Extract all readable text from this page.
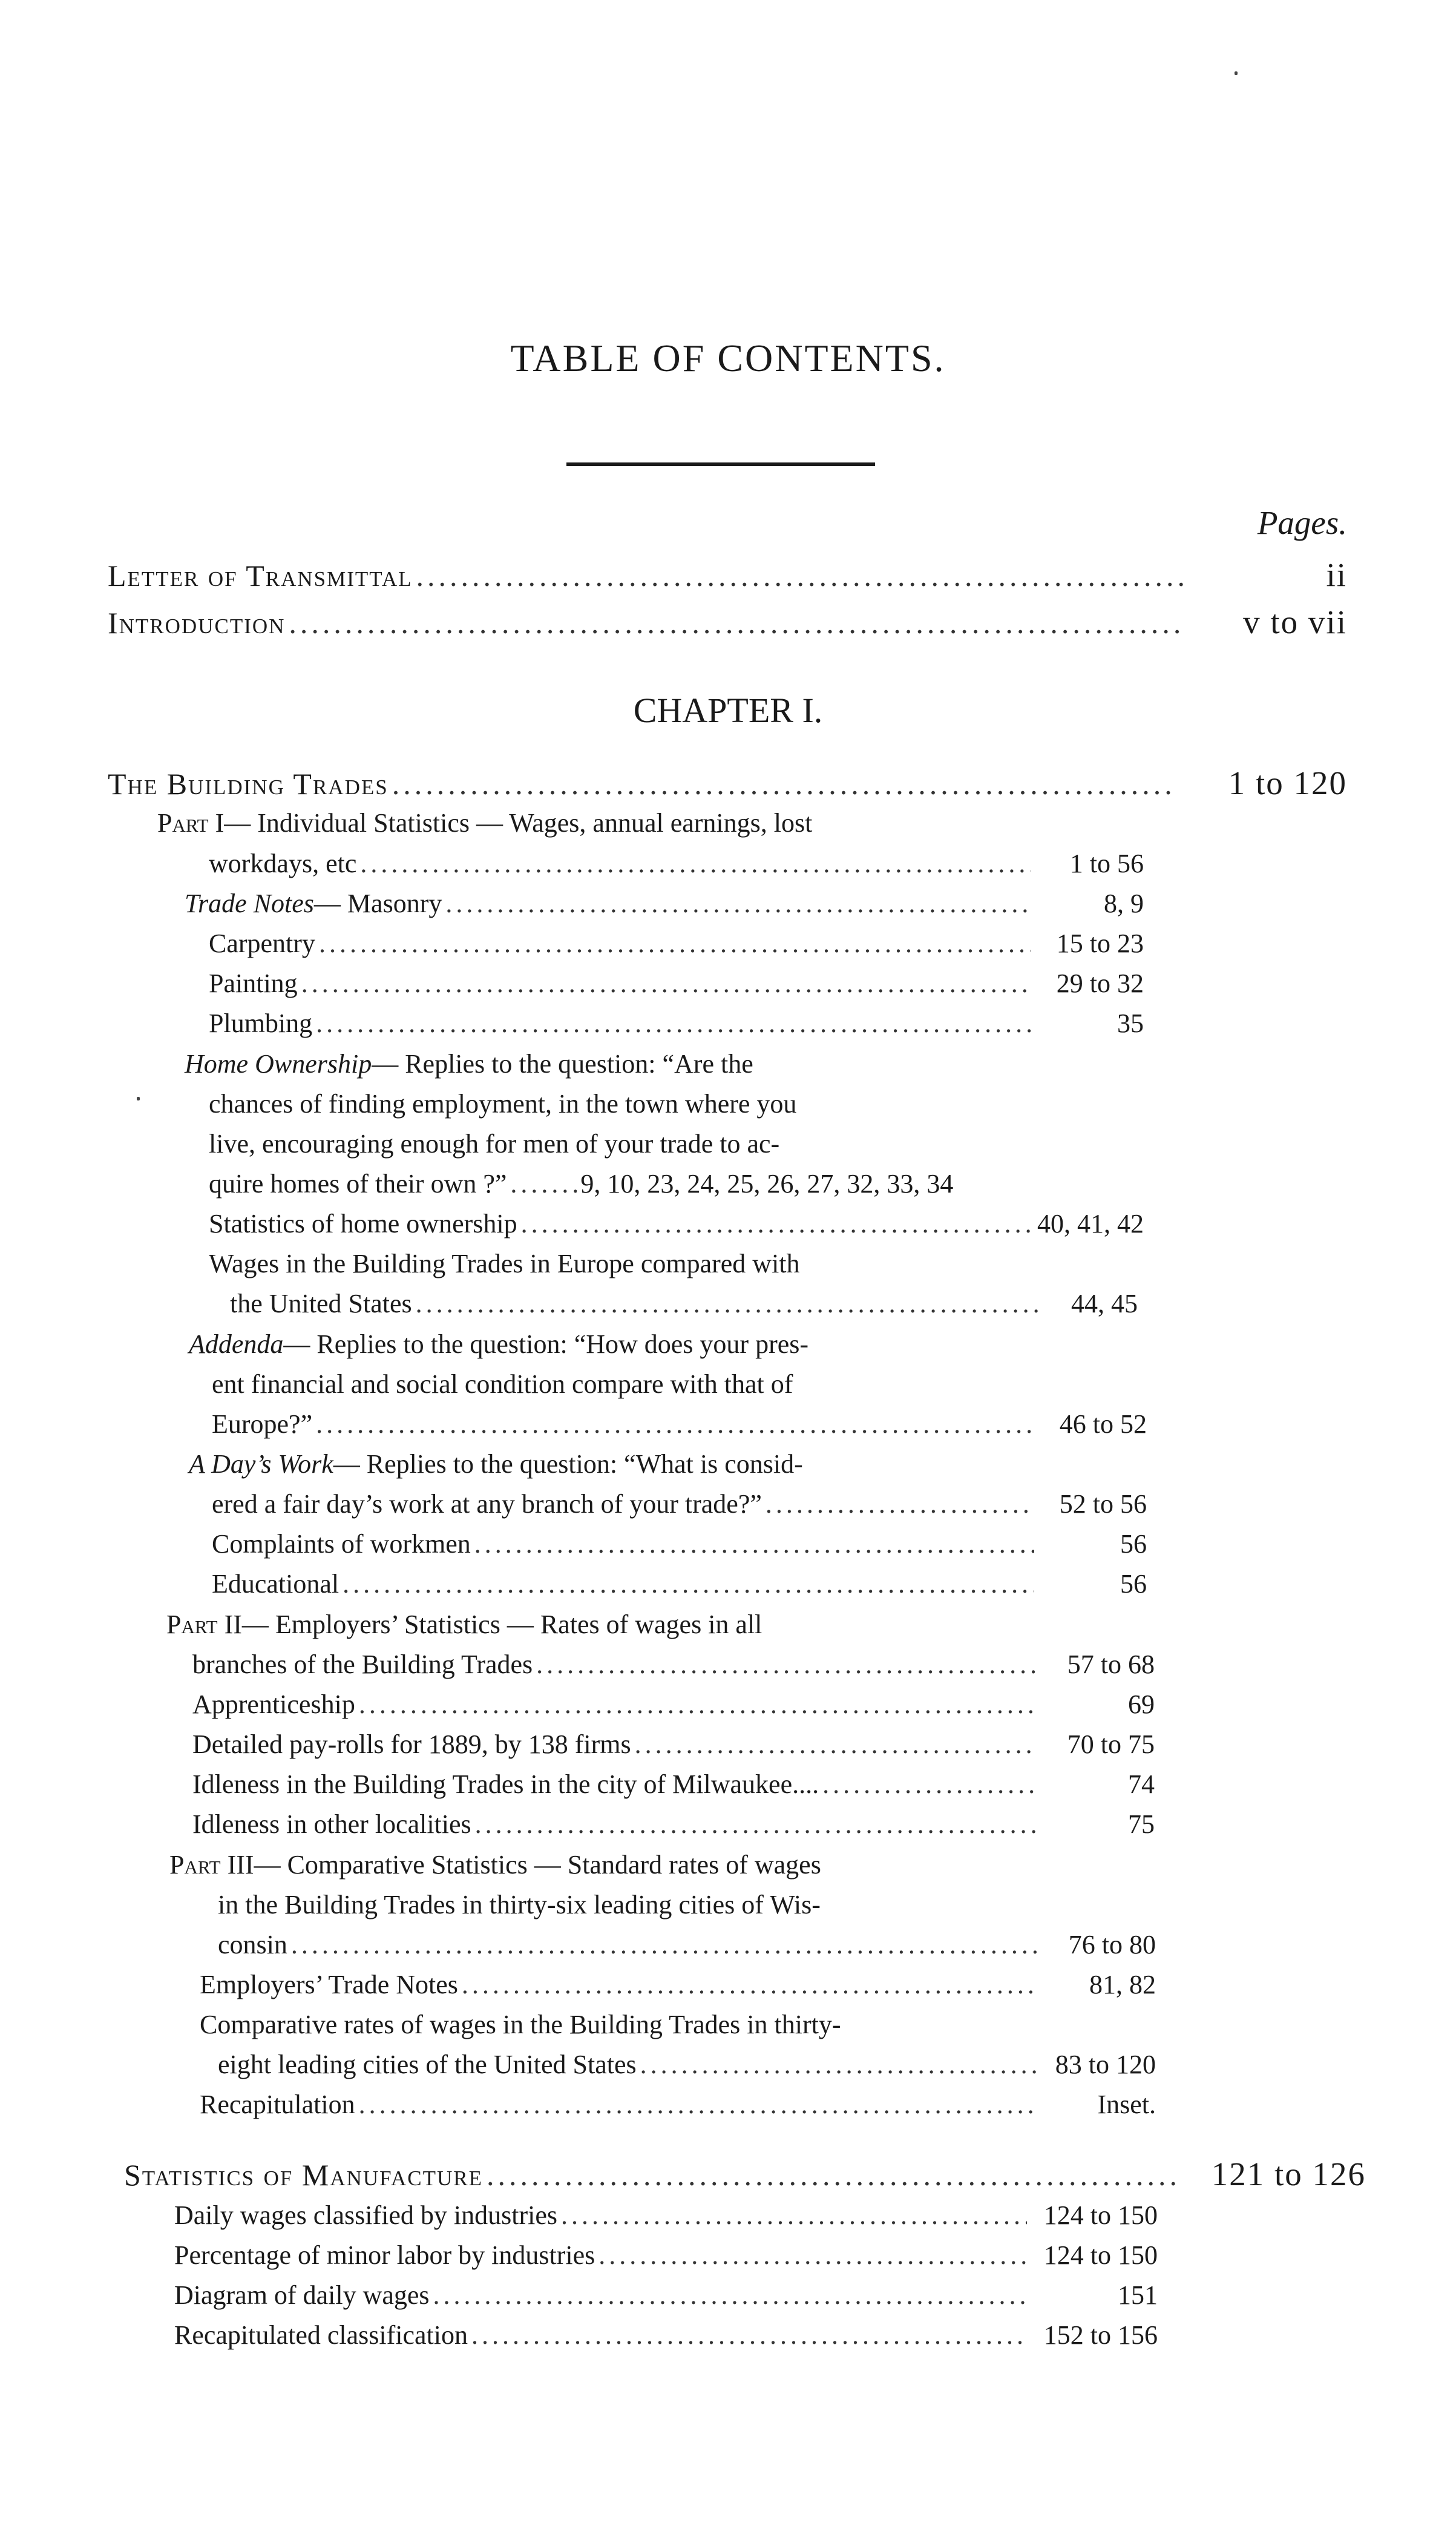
TABLE OF CONTENTS.
Pages.
Letter of Transmittal .....	ii
Introduction .....	v to vii
CHAPTER I.
The Building Trades .....	1 to 120
Part I— Individual Statistics — Wages, annual earnings, lost
workdays, etc .....	1 to 56
Trade Notes— Masonry .....	8, 9
Carpentry .....	15 to 23
Painting .....	29 to 32
Plumbing .....	35
Home Ownership— Replies to the question: “Are the
chances of finding employment, in the town where you
live, encouraging enough for men of your trade to ac-
quire homes of their own ?” .....	9, 10, 23, 24, 25, 26, 27, 32, 33, 34
Statistics of home ownership .....	40, 41, 42
Wages in the Building Trades in Europe compared with
the United States .....	44, 45
Addenda— Replies to the question: “How does your pres-
ent financial and social condition compare with that of
Europe?” .....	46 to 52
A Day’s Work— Replies to the question: “What is consid-
ered a fair day’s work at any branch of your trade?” .....	52 to 56
Complaints of workmen .....	56
Educational .....	56
Part II— Employers’ Statistics — Rates of wages in all
branches of the Building Trades .....	57 to 68
Apprenticeship .....	69
Detailed pay-rolls for 1889, by 138 firms .....	70 to 75
Idleness in the Building Trades in the city of Milwaukee.... .....	74
Idleness in other localities .....	75
Part III— Comparative Statistics — Standard rates of wages
in the Building Trades in thirty-six leading cities of Wis-
consin .....	76 to 80
Employers’ Trade Notes .....	81, 82
Comparative rates of wages in the Building Trades in thirty-
eight leading cities of the United States .....	83 to 120
Recapitulation .....	Inset.
Statistics of Manufacture .....	121 to 126
Daily wages classified by industries .....	124 to 150
Percentage of minor labor by industries .....	124 to 150
Diagram of daily wages .....	151
Recapitulated classification .....	152 to 156
